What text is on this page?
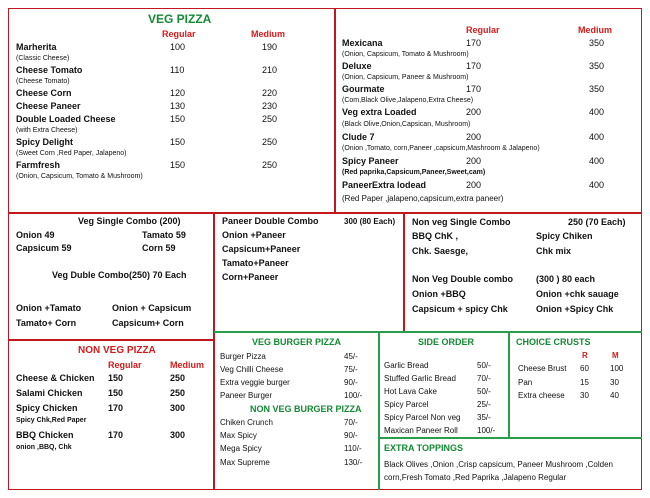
VEG PIZZA
Regular	Medium
Marherita	100	190
(Classic Cheese)
Cheese Tomato	110	210
(Cheese Tomato)
Cheese Corn	120	220
Cheese Paneer	130	230
Double Loaded Cheese	150	250
(with Extra Cheese)
Spicy Delight	150	250
(Sweet Corn ,Red Paper, Jalapeno)
Farmfresh	150	250
(Onion, Capsicum, Tomato & Mushroom)
Regular	Medium
Mexicana	170	350
(Onion, Capsicum, Tomato & Mushroom)
Deluxe	170	350
(Onion, Capsicum, Paneer & Mushroom)
Gourmate	170	350
(Com,Black Olive,Jalapeno,Extra Cheese)
Veg extra Loaded	200	400
(Black Olive,Onion,Capsican, Mushroom)
Clude 7	200	400
(Onion ,Tomato, corn,Paneer ,capsicum,Mashroom & Jalapeno)
Spicy Paneer	200	400
(Red paprika,Capsicum,Paneer,Sweet,cam)
PaneerExtra lodead	200	400
(Red Paper ,jalapeno,capsicum,extra paneer)
Veg Single Combo (200)
Onion 49	Tamato 59
Capsicum 59	Corn 59
Veg Duble Combo(250) 70 Each
Onion +Tamato	Onion + Capsicum
Tamato+ Corn	Capsicum+ Corn
Paneer Double Combo	300 (80 Each)
Onion +Paneer
Capsicum+Paneer
Tamato+Paneer
Corn+Paneer
Non veg Single Combo	250 (70 Each)
BBQ ChK ,	Spicy Chiken
Chk. Saesge,	Chk mix
Non Veg Double combo	(300 ) 80 each
Onion +BBQ	Onion +chk sauage
Capsicum + spicy Chk	Onion +Spicy Chk
NON VEG PIZZA
Regular	Medium
Cheese & Chicken 150	250
Salami Chicken	150	250
Spicy Chicken	170	300
Spicy Chk,Red Paper
BBQ Chicken	170	300
onion ,BBQ, Chk
VEG BURGER PIZZA
Burger Pizza	45/-
Veg Chilli Cheese	75/-
Extra veggie burger	90/-
Paneer Burger	100/-
NON VEG BURGER PIZZA
Chiken Crunch	70/-
Max Spicy	90/-
Mega Spicy	110/-
Max Supreme	130/-
SIDE ORDER
Garlic Bread	50/-
Stuffed Garlic Bread	70/-
Hot Lava Cake	50/-
Spicy Parcel	25/-
Spicy Parcel Non veg 35/-
Maxican Paneer Roll 100/-
CHOICE CRUSTS
R	M
Cheese Brust 60	100
Pan	15	30
Extra cheese 30	40
EXTRA TOPPINGS
Black Olives ,Onion ,Crisp capsicum, Paneer Mushroom ,Colden
corn,Fresh Tomato ,Red Paprika ,Jalapeno Regular
